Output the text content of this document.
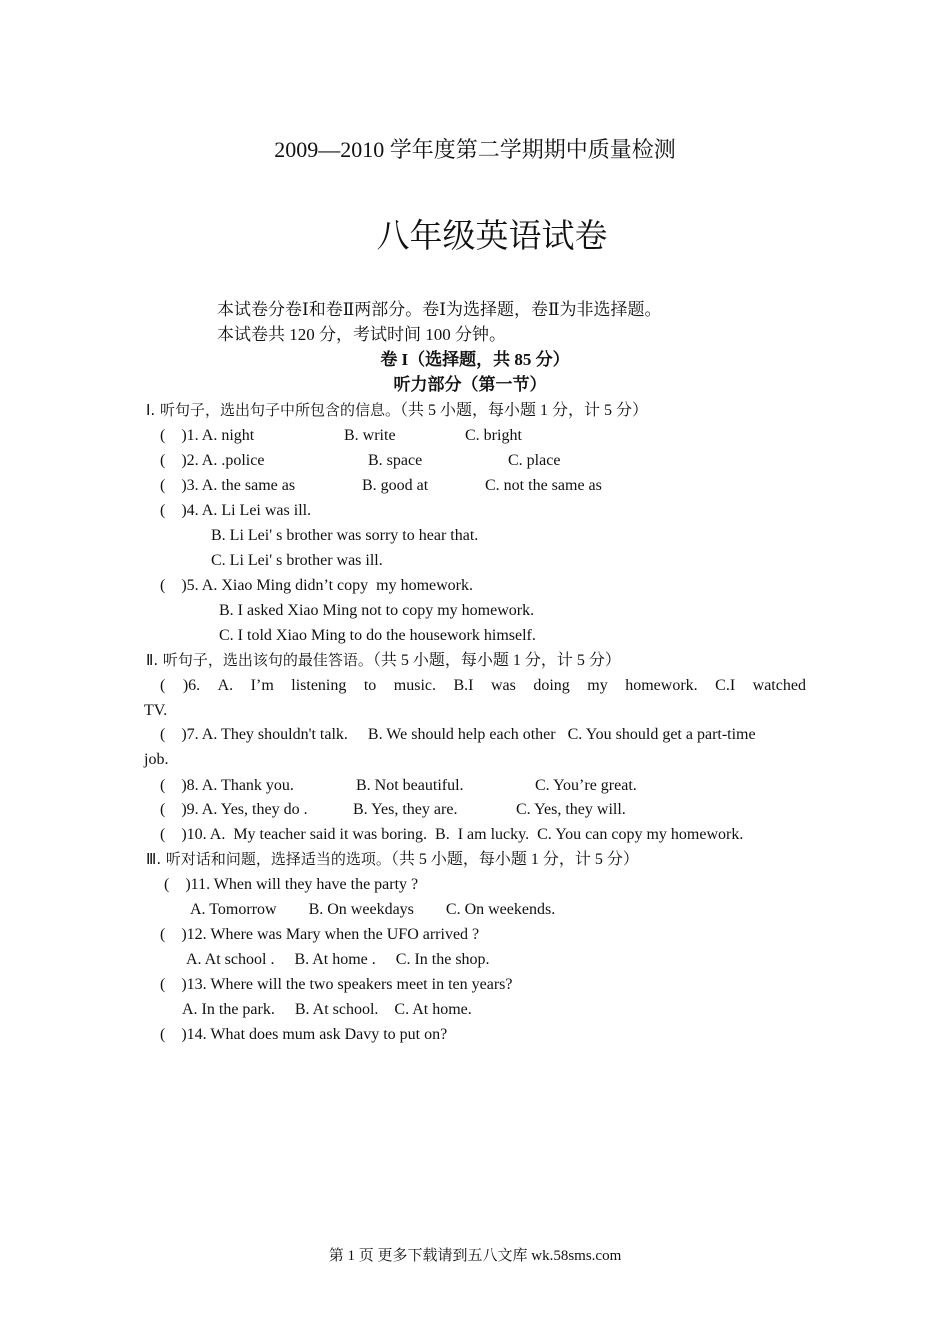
2009—2010 学年度第二学期期中质量检测
八年级英语试卷
本试卷分卷Ⅰ和卷Ⅱ两部分。卷Ⅰ为选择题，卷Ⅱ为非选择题。
本试卷共 120 分，考试时间 100 分钟。
卷 I（选择题，共 85 分）
听力部分（第一节）
Ⅰ. 听句子，选出句子中所包含的信息。（共 5 小题，每小题 1 分，计 5 分）
(    )1. A. night	B. write	C. bright
(    )2. A. .police	B. space	C. place
(    )3. A. the same as	B. good at	C. not the same as
(    )4. A. Li Lei was ill.
B. Li Lei' s brother was sorry to hear that.
C. Li Lei' s brother was ill.
(    )5. A. Xiao Ming didn’t copy  my homework.
B. I asked Xiao Ming not to copy my homework.
C. I told Xiao Ming to do the housework himself.
Ⅱ. 听句子，选出该句的最佳答语。（共 5 小题，每小题 1 分，计 5 分）
( )6. A. I’m listening to music. B.I was doing my homework. C.I watched
TV.
(    )7. A. They shouldn't talk.     B. We should help each other   C. You should get a part-time
job.
(    )8. A. Thank you.	B. Not beautiful.	C. You’re great.
(    )9. A. Yes, they do .	B. Yes, they are.	C. Yes, they will.
(    )10. A.  My teacher said it was boring.  B.  I am lucky.  C. You can copy my homework.
Ⅲ. 听对话和问题，选择适当的选项。（共 5 小题，每小题 1 分，计 5 分）
(    )11. When will they have the party ?
A. Tomorrow        B. On weekdays        C. On weekends.
(    )12. Where was Mary when the UFO arrived ?
A. At school .     B. At home .     C. In the shop.
(    )13. Where will the two speakers meet in ten years?
A. In the park.     B. At school.    C. At home.
(    )14. What does mum ask Davy to put on?
第 1 页 更多下载请到五八文库 wk.58sms.com
